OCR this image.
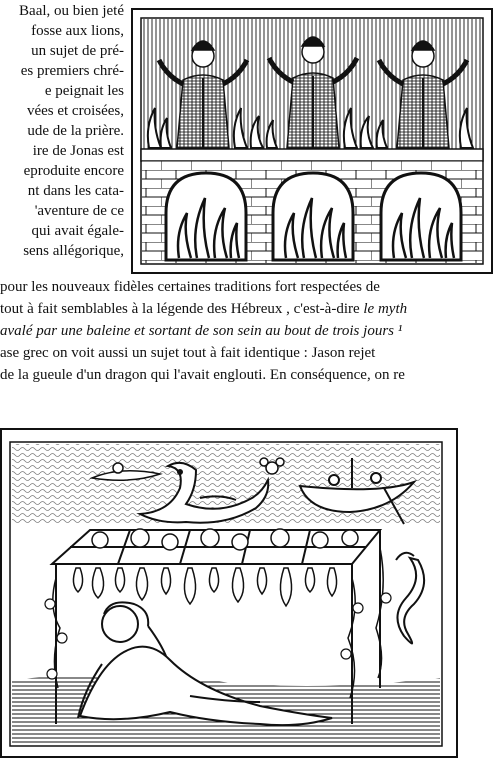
Baal, ou bien jeté
fosse aux lions,
un sujet de pré-
es premiers chré-
e peignait les
vées et croisées,
ude de la prière.
ire de Jonas est
eproduite encore
nt dans les cata-
'aventure de ce
qui avait égale-
sens allégorique,
pour les nouveaux fidèles certaines traditions fort respectées de
tout à fait semblables à la légende des Hébreux , c'est-à-dire le myth
avalé par une baleine et sortant de son sein au bout de trois jours ¹
ase grec on voit aussi un sujet tout à fait identique : Jason rejet
de la gueule d'un dragon qui l'avait englouti. En conséquence, on re
